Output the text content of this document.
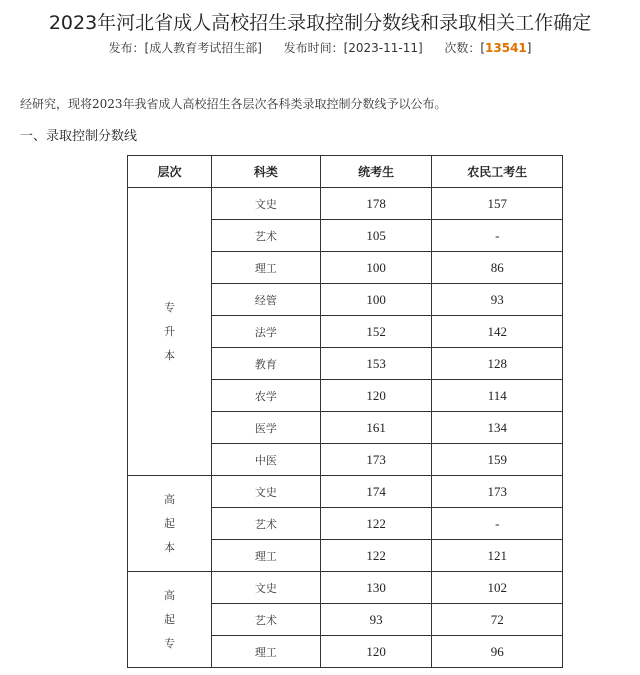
2023年河北省成人高校招生录取控制分数线和录取相关工作确定
发布：[成人教育考试招生部] 发布时间：[2023-11-11] 次数：[13541]
经研究，现将2023年我省成人高校招生各层次各科类录取控制分数线予以公布。
一、录取控制分数线
层次	科类	统考生	农民工考生

专
升
本	文史	178	157
	艺术	105	-
	理工	100	86
	经管	100	93
	法学	152	142
	教育	153	128
	农学	120	114
	医学	161	134
	中医	173	159

高
起
本	文史	174	173
	艺术	122	-
	理工	122	121

高
起
专	文史	130	102
	艺术	93	72
	理工	120	96
